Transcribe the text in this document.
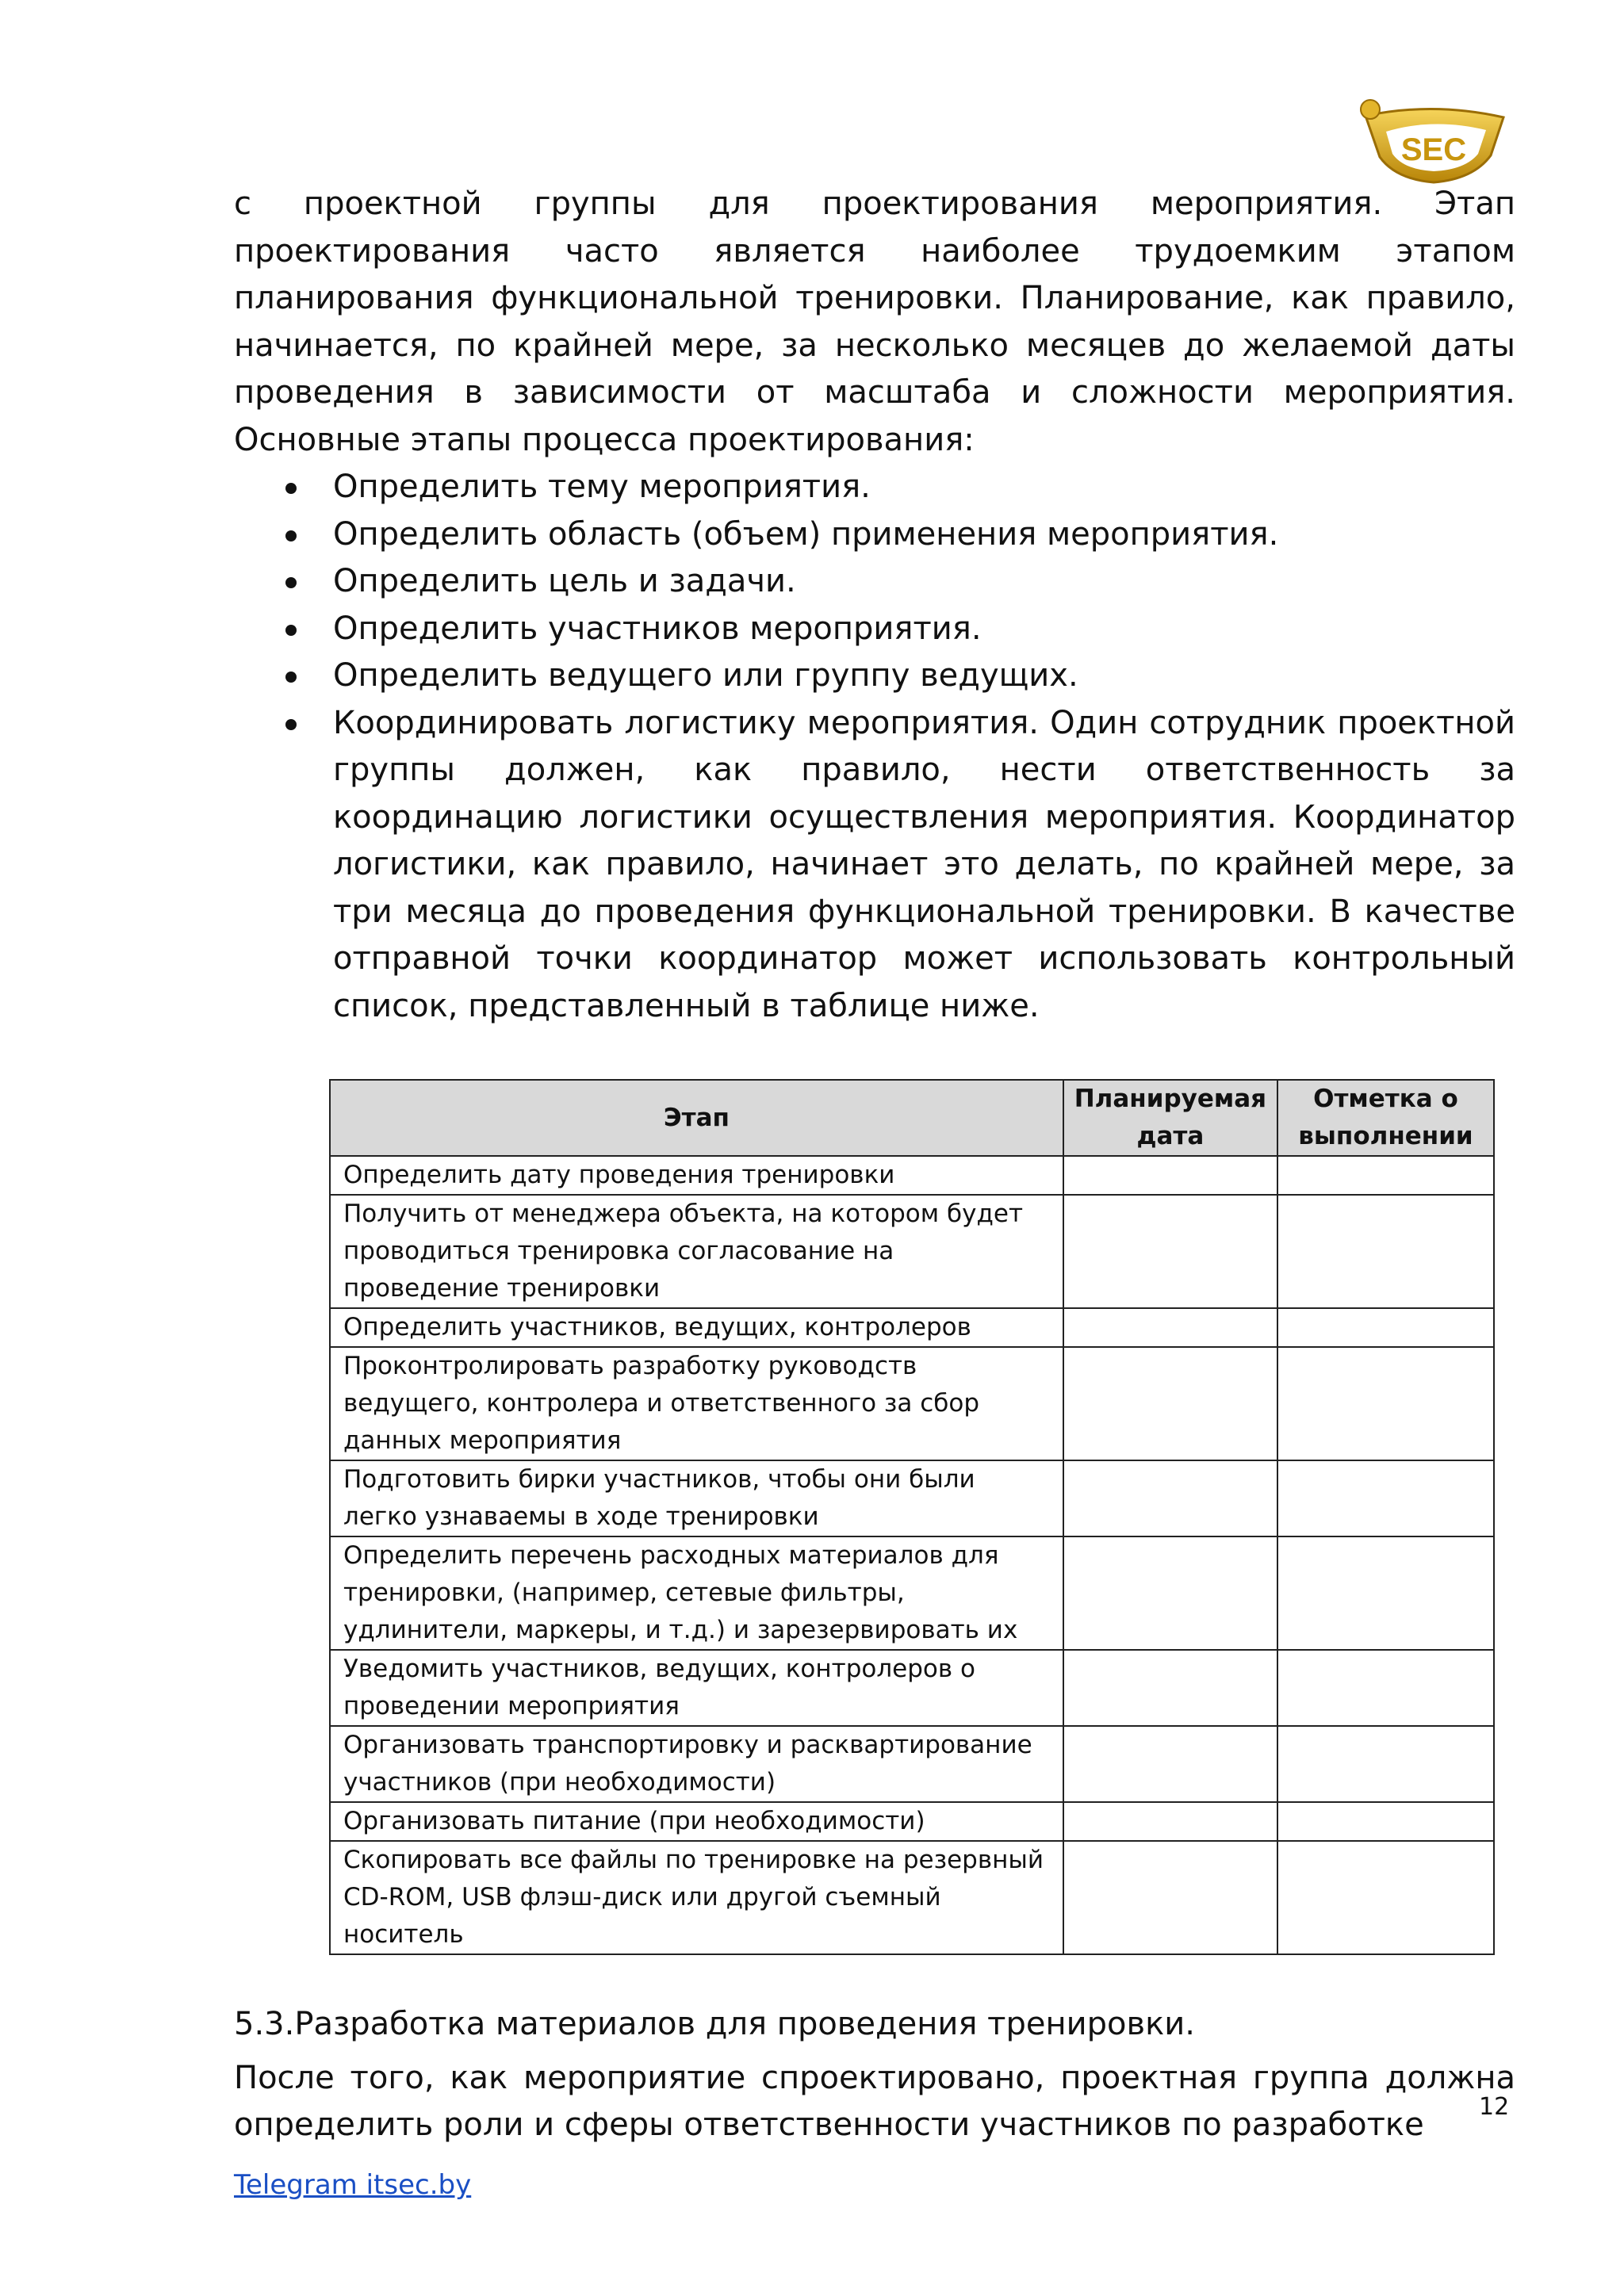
SEC

с проектной группы для проектирования мероприятия. Этап проектирования часто является наиболее трудоемким этапом планирования функциональной тренировки. Планирование, как правило, начинается, по крайней мере, за несколько месяцев до желаемой даты проведения в зависимости от масштаба и сложности мероприятия. Основные этапы процесса проектирования:

Определить тему мероприятия.
Определить область (объем) применения мероприятия.
Определить цель и задачи.
Определить участников мероприятия.
Определить ведущего или группу ведущих.
Координировать логистику мероприятия. Один сотрудник проектной группы должен, как правило, нести ответственность за координацию логистики осуществления мероприятия. Координатор логистики, как правило, начинает это делать, по крайней мере, за три месяца до проведения функциональной тренировки. В качестве отправной точки координатор может использовать контрольный список, представленный в таблице ниже.
Этап	Планируемая дата	Отметка о выполнении
Определить дату проведения тренировки		
Получить от менеджера объекта, на котором будет проводиться тренировка согласование на проведение тренировки		
Определить участников, ведущих, контролеров		
Проконтролировать разработку руководств ведущего, контролера и ответственного за сбор данных мероприятия		
Подготовить бирки участников, чтобы они были легко узнаваемы в ходе тренировки		
Определить перечень расходных материалов для тренировки, (например, сетевые фильтры, удлинители, маркеры, и т.д.) и зарезервировать их		
Уведомить участников, ведущих, контролеров о проведении мероприятия		
Организовать транспортировку и расквартирование участников (при необходимости)		
Организовать питание (при необходимости)		
Скопировать все файлы по тренировке на резервный CD-ROM, USB флэш-диск или другой съемный носитель		

5.3.Разработка материалов для проведения тренировки.

После того, как мероприятие спроектировано, проектная группа должна определить роли и сферы ответственности участников по разработке	12
Telegram itsec.by
